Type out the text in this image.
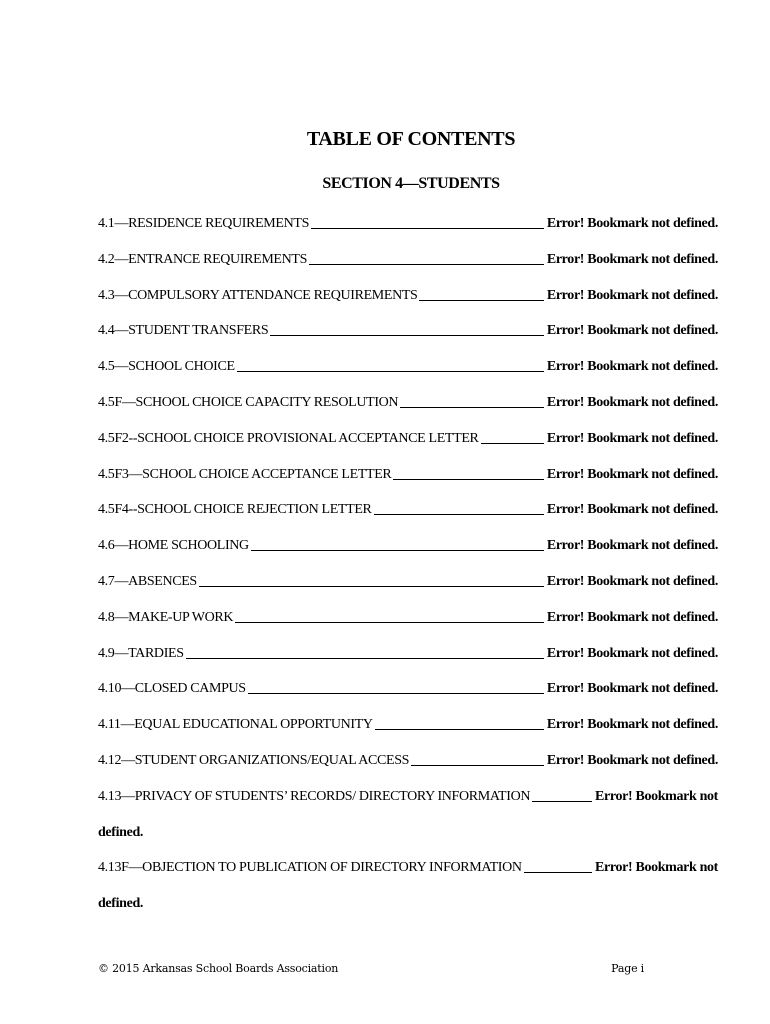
TABLE OF CONTENTS
SECTION 4—STUDENTS
4.1—RESIDENCE REQUIREMENTS	Error! Bookmark not defined.
4.2—ENTRANCE REQUIREMENTS	Error! Bookmark not defined.
4.3—COMPULSORY ATTENDANCE REQUIREMENTS	Error! Bookmark not defined.
4.4—STUDENT TRANSFERS	Error! Bookmark not defined.
4.5—SCHOOL CHOICE	Error! Bookmark not defined.
4.5F—SCHOOL CHOICE CAPACITY RESOLUTION	Error! Bookmark not defined.
4.5F2--SCHOOL CHOICE PROVISIONAL ACCEPTANCE LETTER	Error! Bookmark not defined.
4.5F3—SCHOOL CHOICE ACCEPTANCE LETTER	Error! Bookmark not defined.
4.5F4--SCHOOL CHOICE REJECTION LETTER	Error! Bookmark not defined.
4.6—HOME SCHOOLING	Error! Bookmark not defined.
4.7—ABSENCES	Error! Bookmark not defined.
4.8—MAKE-UP WORK	Error! Bookmark not defined.
4.9—TARDIES	Error! Bookmark not defined.
4.10—CLOSED CAMPUS	Error! Bookmark not defined.
4.11—EQUAL EDUCATIONAL OPPORTUNITY	Error! Bookmark not defined.
4.12—STUDENT ORGANIZATIONS/EQUAL ACCESS	Error! Bookmark not defined.
4.13—PRIVACY OF STUDENTS’ RECORDS/ DIRECTORY INFORMATION	Error! Bookmark not
defined.
4.13F—OBJECTION TO PUBLICATION OF DIRECTORY INFORMATION	Error! Bookmark not
defined.
© 2015 Arkansas School Boards Association	Page i
